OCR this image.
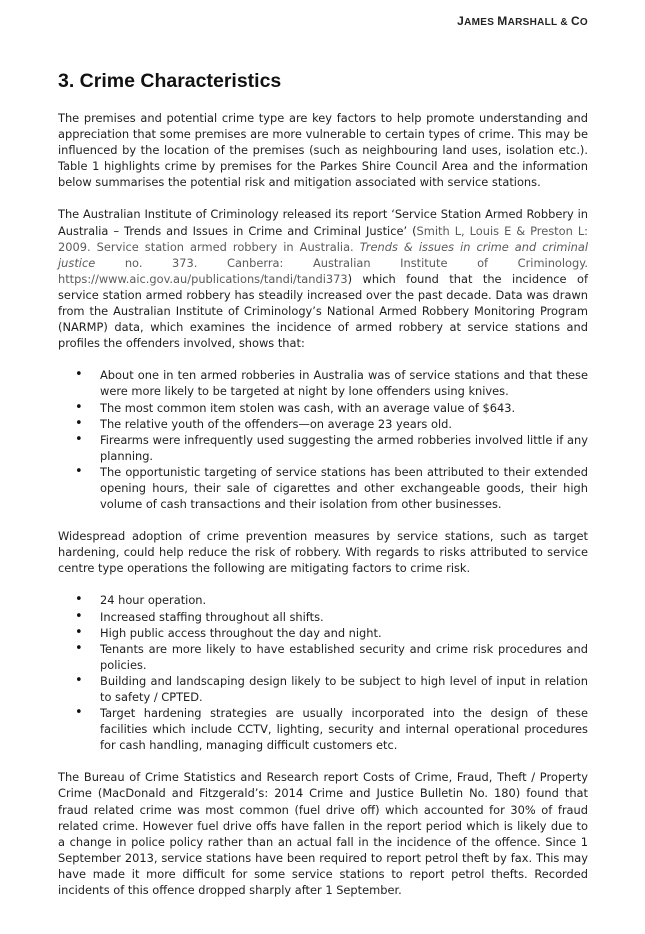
JAMES MARSHALL & CO
3. Crime Characteristics

The premises and potential crime type are key factors to help promote understanding and appreciation that some premises are more vulnerable to certain types of crime. This may be influenced by the location of the premises (such as neighbouring land uses, isolation etc.). Table 1 highlights crime by premises for the Parkes Shire Council Area and the information below summarises the potential risk and mitigation associated with service stations.

The Australian Institute of Criminology released its report ‘Service Station Armed Robbery in Australia – Trends and Issues in Crime and Criminal Justice’ (Smith L, Louis E & Preston L: 2009. Service station armed robbery in Australia. Trends & issues in crime and criminal justice no. 373. Canberra: Australian Institute of Criminology. https://www.aic.gov.au/publications/tandi/tandi373) which found that the incidence of service station armed robbery has steadily increased over the past decade. Data was drawn from the Australian Institute of Criminology’s National Armed Robbery Monitoring Program (NARMP) data, which examines the incidence of armed robbery at service stations and profiles the offenders involved, shows that:

• About one in ten armed robberies in Australia was of service stations and that these were more likely to be targeted at night by lone offenders using knives.
• The most common item stolen was cash, with an average value of $643.
• The relative youth of the offenders—on average 23 years old.
• Firearms were infrequently used suggesting the armed robberies involved little if any planning.
• The opportunistic targeting of service stations has been attributed to their extended opening hours, their sale of cigarettes and other exchangeable goods, their high volume of cash transactions and their isolation from other businesses.

Widespread adoption of crime prevention measures by service stations, such as target hardening, could help reduce the risk of robbery. With regards to risks attributed to service centre type operations the following are mitigating factors to crime risk.

• 24 hour operation.
• Increased staffing throughout all shifts.
• High public access throughout the day and night.
• Tenants are more likely to have established security and crime risk procedures and policies.
• Building and landscaping design likely to be subject to high level of input in relation to safety / CPTED.
• Target hardening strategies are usually incorporated into the design of these facilities which include CCTV, lighting, security and internal operational procedures for cash handling, managing difficult customers etc.

The Bureau of Crime Statistics and Research report Costs of Crime, Fraud, Theft / Property Crime (MacDonald and Fitzgerald’s: 2014 Crime and Justice Bulletin No. 180) found that fraud related crime was most common (fuel drive off) which accounted for 30% of fraud related crime. However fuel drive offs have fallen in the report period which is likely due to a change in police policy rather than an actual fall in the incidence of the offence. Since 1 September 2013, service stations have been required to report petrol theft by fax. This may have made it more difficult for some service stations to report petrol thefts. Recorded incidents of this offence dropped sharply after 1 September.
